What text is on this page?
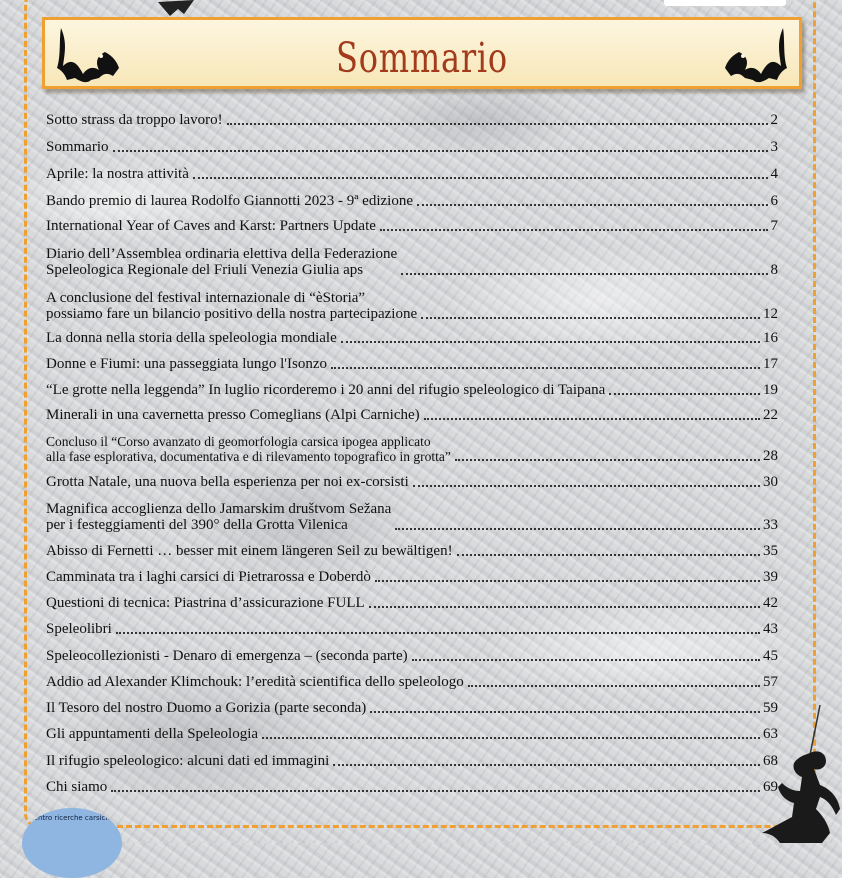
Sommario
Sotto strass da troppo lavoro!	2
Sommario	3
Aprile: la nostra attività	4
Bando premio di laurea Rodolfo Giannotti 2023 - 9ª edizione	6
International Year of Caves and Karst: Partners Update	7
Diario dell’Assemblea ordinaria elettiva della Federazione
Speleologica Regionale del Friuli Venezia Giulia aps	8
A conclusione del festival internazionale di “èStoria”
possiamo fare un bilancio positivo della nostra partecipazione	12
La donna nella storia della speleologia mondiale	16
Donne e Fiumi: una passeggiata lungo l'Isonzo	17
“Le grotte nella leggenda” In luglio ricorderemo i 20 anni del rifugio speleologico di Taipana	19
Minerali in una cavernetta presso Comeglians (Alpi Carniche)	22
Concluso il “Corso avanzato di geomorfologia carsica ipogea applicato
alla fase esplorativa, documentativa e di rilevamento topografico in grotta”	28
Grotta Natale, una nuova bella esperienza per noi ex-corsisti	30
Magnifica accoglienza dello Jamarskim društvom Sežana
per i festeggiamenti del 390° della Grotta Vilenica	33
Abisso di Fernetti … besser mit einem längeren Seil zu bewältigen!	35
Camminata tra i laghi carsici di Pietrarossa e Doberdò	39
Questioni di tecnica: Piastrina d’assicurazione FULL	42
Speleolibri	43
Speleocollezionisti - Denaro di emergenza – (seconda parte)	45
Addio ad Alexander Klimchouk: l’eredità scientifica dello speleologo	57
Il Tesoro del nostro Duomo a Gorizia (parte seconda)	59
Gli appuntamenti della Speleologia	63
Il rifugio speleologico: alcuni dati ed immagini	68
Chi siamo	69
centro ricerche carsiche
